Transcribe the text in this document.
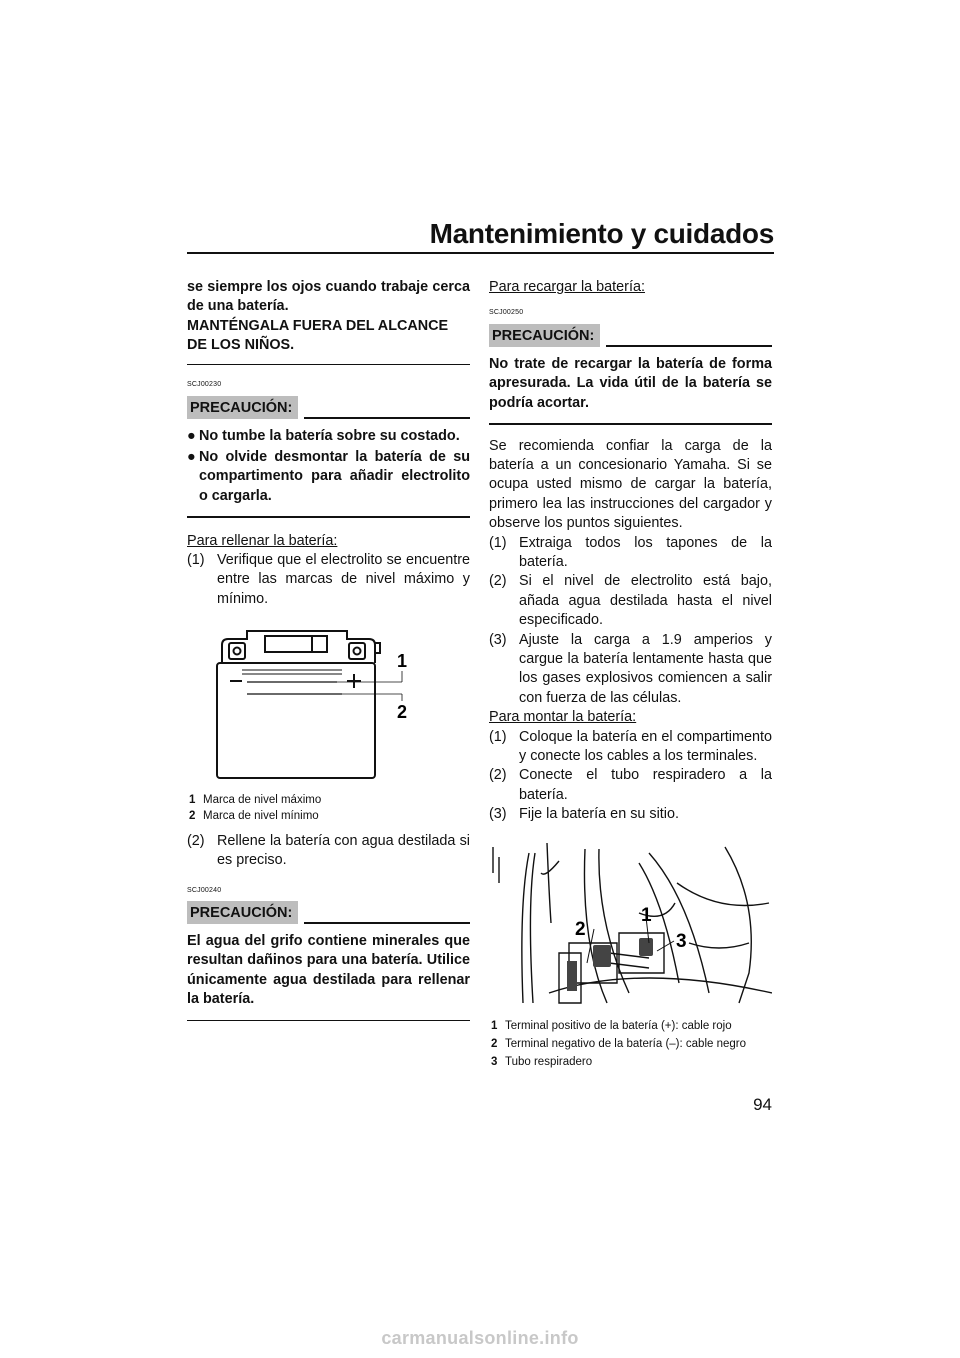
Mantenimiento y cuidados

se siempre los ojos cuando trabaje cerca de una batería.

MANTÉNGALA FUERA DEL ALCANCE DE LOS NIÑOS.

SCJ00230
PRECAUCIÓN:
● No tumbe la batería sobre su costado.
● No olvide desmontar la batería de su compartimento para añadir electrolito o cargarla.

Para rellenar la batería:

(1) Verifique que el electrolito se encuentre entre las marcas de nivel máximo y mínimo.
1
2
1 Marca de nivel máximo
2 Marca de nivel mínimo
(2) Rellene la batería con agua destilada si es preciso.
SCJ00240
PRECAUCIÓN:

El agua del grifo contiene minerales que resultan dañinos para una batería. Utilice únicamente agua destilada para rellenar la batería.

Para recargar la batería:

SCJ00250
PRECAUCIÓN:

No trate de recargar la batería de forma apresurada. La vida útil de la batería se podría acortar.

Se recomienda confiar la carga de la batería a un concesionario Yamaha. Si se ocupa usted mismo de cargar la batería, primero lea las instrucciones del cargador y observe los puntos siguientes.

(1) Extraiga todos los tapones de la batería.
(2) Si el nivel de electrolito está bajo, añada agua destilada hasta el nivel especificado.
(3) Ajuste la carga a 1.9 amperios y cargue la batería lentamente hasta que los gases explosivos comiencen a salir con fuerza de las células.

Para montar la batería:

(1) Coloque la batería en el compartimento y conecte los cables a los terminales.
(2) Conecte el tubo respiradero a la batería.
(3) Fije la batería en su sitio.
2
1
3
1 Terminal positivo de la batería (+): cable rojo
2 Terminal negativo de la batería (–): cable negro
3 Tubo respiradero
94
carmanualsonline.info
